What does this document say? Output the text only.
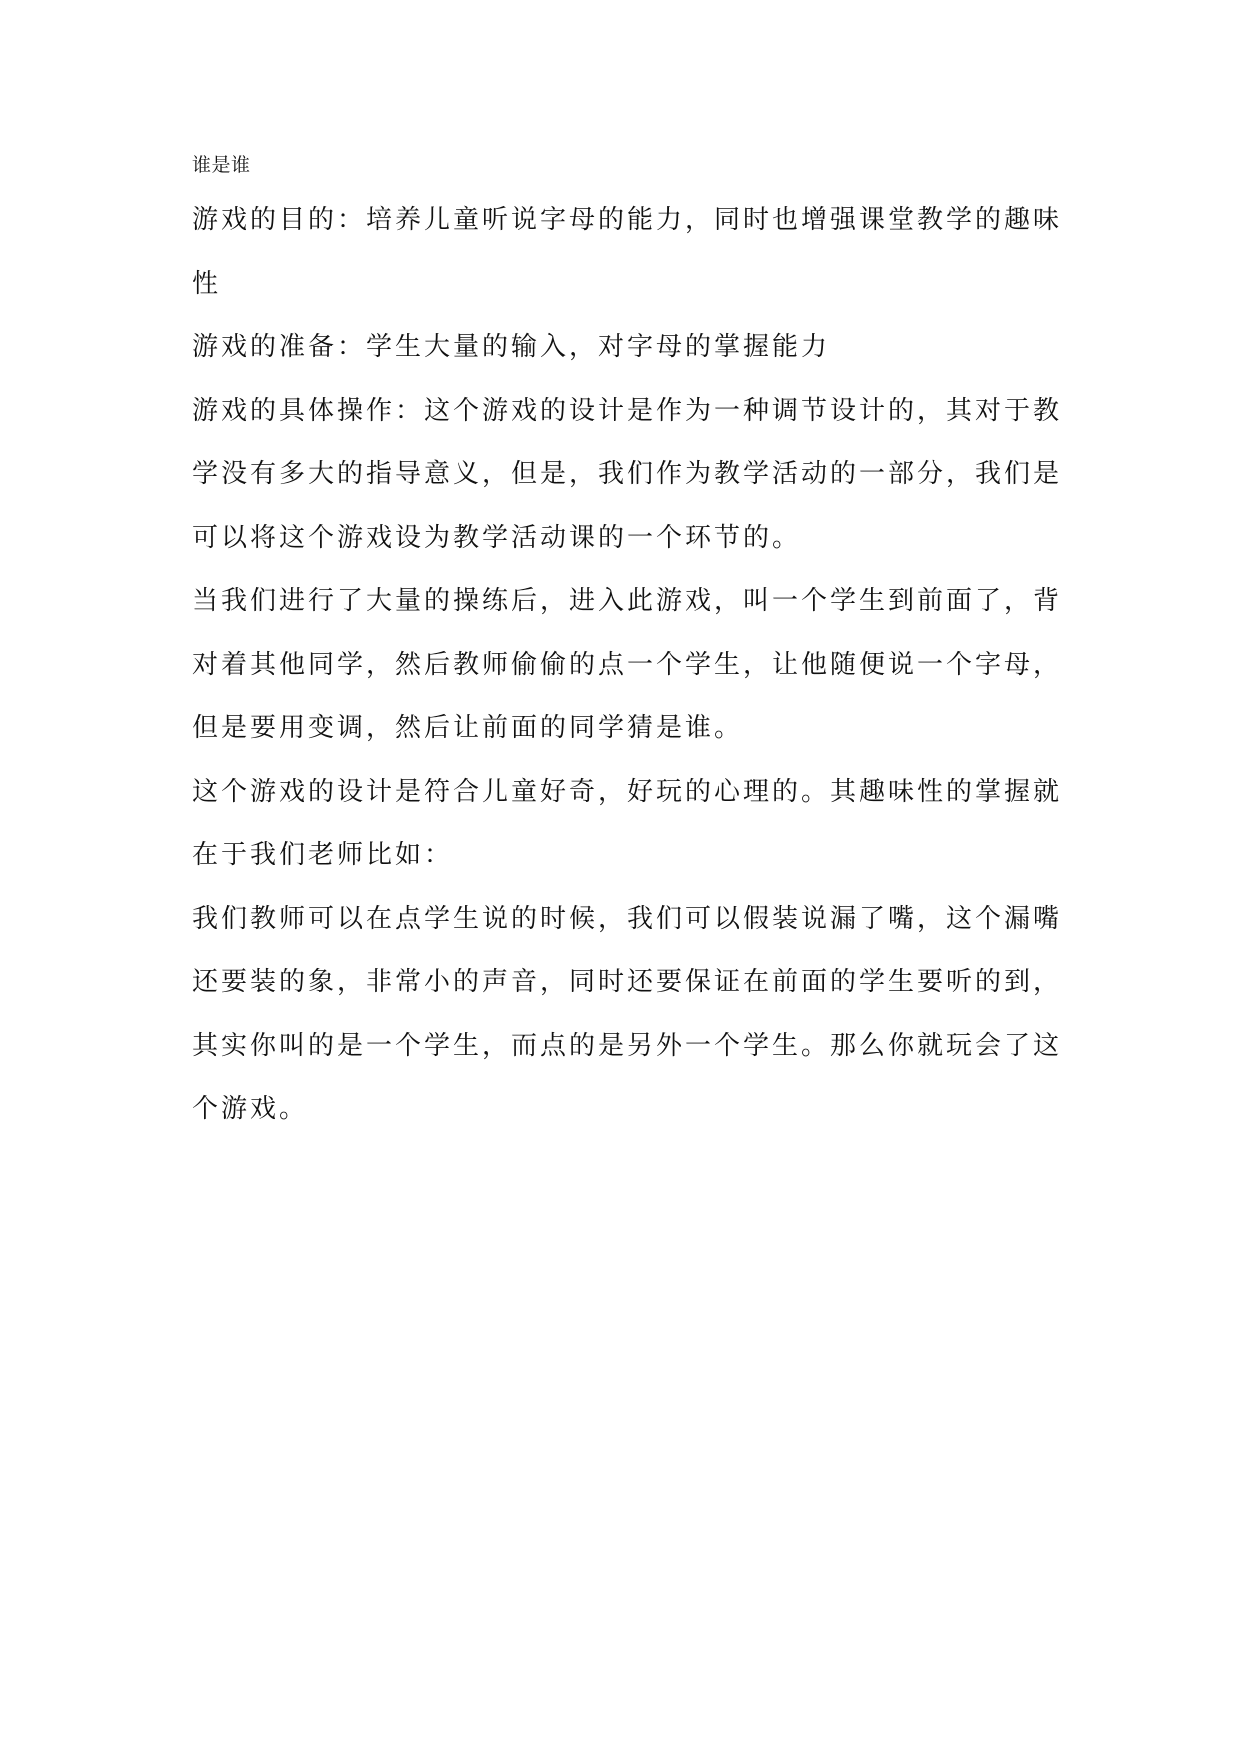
谁是谁

游戏的目的：培养儿童听说字母的能力，同时也增强课堂教学的趣味性

游戏的准备：学生大量的输入，对字母的掌握能力

游戏的具体操作：这个游戏的设计是作为一种调节设计的，其对于教学没有多大的指导意义，但是，我们作为教学活动的一部分，我们是可以将这个游戏设为教学活动课的一个环节的。

当我们进行了大量的操练后，进入此游戏，叫一个学生到前面了，背对着其他同学，然后教师偷偷的点一个学生，让他随便说一个字母，但是要用变调，然后让前面的同学猜是谁。

这个游戏的设计是符合儿童好奇，好玩的心理的。其趣味性的掌握就在于我们老师比如：

我们教师可以在点学生说的时候，我们可以假装说漏了嘴，这个漏嘴还要装的象，非常小的声音，同时还要保证在前面的学生要听的到，其实你叫的是一个学生，而点的是另外一个学生。那么你就玩会了这个游戏。
